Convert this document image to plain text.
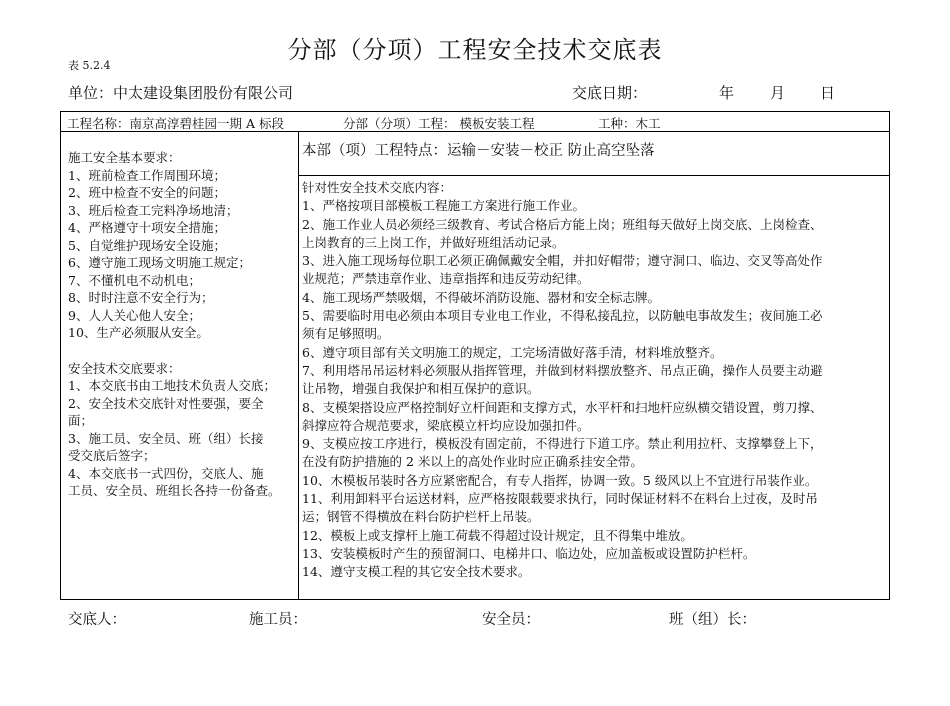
分部（分项）工程安全技术交底表
表 5.2.4
单位：中太建设集团股份有限公司	交底日期：	年 月 日
工程名称：南京高淳碧桂园一期 A 标段	分部（分项）工程： 模板安装工程	工种：木工
施工安全基本要求：
1、班前检查工作周围环境；
2、班中检查不安全的问题；
3、班后检查工完料净场地清；
4、严格遵守十项安全措施；
5、自觉维护现场安全设施；
6、遵守施工现场文明施工规定；
7、不懂机电不动机电；
8、时时注意不安全行为；
9、人人关心他人安全；
10、生产必须服从安全。
安全技术交底要求：
1、本交底书由工地技术负责人交底；
2、安全技术交底针对性要强，要全
面；
3、施工员、安全员、班（组）长接
受交底后签字；
4、本交底书一式四份，交底人、施
工员、安全员、班组长各持一份备查。
本部（项）工程特点：运输－安装－校正 防止高空坠落
针对性安全技术交底内容：
1、严格按项目部模板工程施工方案进行施工作业。
2、施工作业人员必须经三级教育、考试合格后方能上岗；班组每天做好上岗交底、上岗检查、
上岗教育的三上岗工作，并做好班组活动记录。
3、进入施工现场每位职工必须正确佩戴安全帽，并扣好帽带；遵守洞口、临边、交叉等高处作
业规范；严禁违章作业、违章指挥和违反劳动纪律。
4、施工现场严禁吸烟，不得破坏消防设施、器材和安全标志牌。
5、需要临时用电必须由本项目专业电工作业，不得私接乱拉，以防触电事故发生；夜间施工必
须有足够照明。
6、遵守项目部有关文明施工的规定，工完场清做好落手清，材料堆放整齐。
7、利用塔吊吊运材料必须服从指挥管理，并做到材料摆放整齐、吊点正确，操作人员要主动避
让吊物，增强自我保护和相互保护的意识。
8、支模架搭设应严格控制好立杆间距和支撑方式，水平杆和扫地杆应纵横交错设置，剪刀撑、
斜撑应符合规范要求，梁底模立杆均应设加强扣件。
9、支模应按工序进行，模板没有固定前，不得进行下道工序。禁止利用拉杆、支撑攀登上下，
在没有防护措施的 2 米以上的高处作业时应正确系挂安全带。
10、木模板吊装时各方应紧密配合，有专人指挥，协调一致。5 级风以上不宜进行吊装作业。
11、利用卸料平台运送材料，应严格按限载要求执行，同时保证材料不在料台上过夜，及时吊
运；钢管不得横放在料台防护栏杆上吊装。
12、模板上或支撑杆上施工荷载不得超过设计规定，且不得集中堆放。
13、安装模板时产生的预留洞口、电梯井口、临边处，应加盖板或设置防护栏杆。
14、遵守支模工程的其它安全技术要求。
交底人：	施工员：	安全员：	班（组）长：
